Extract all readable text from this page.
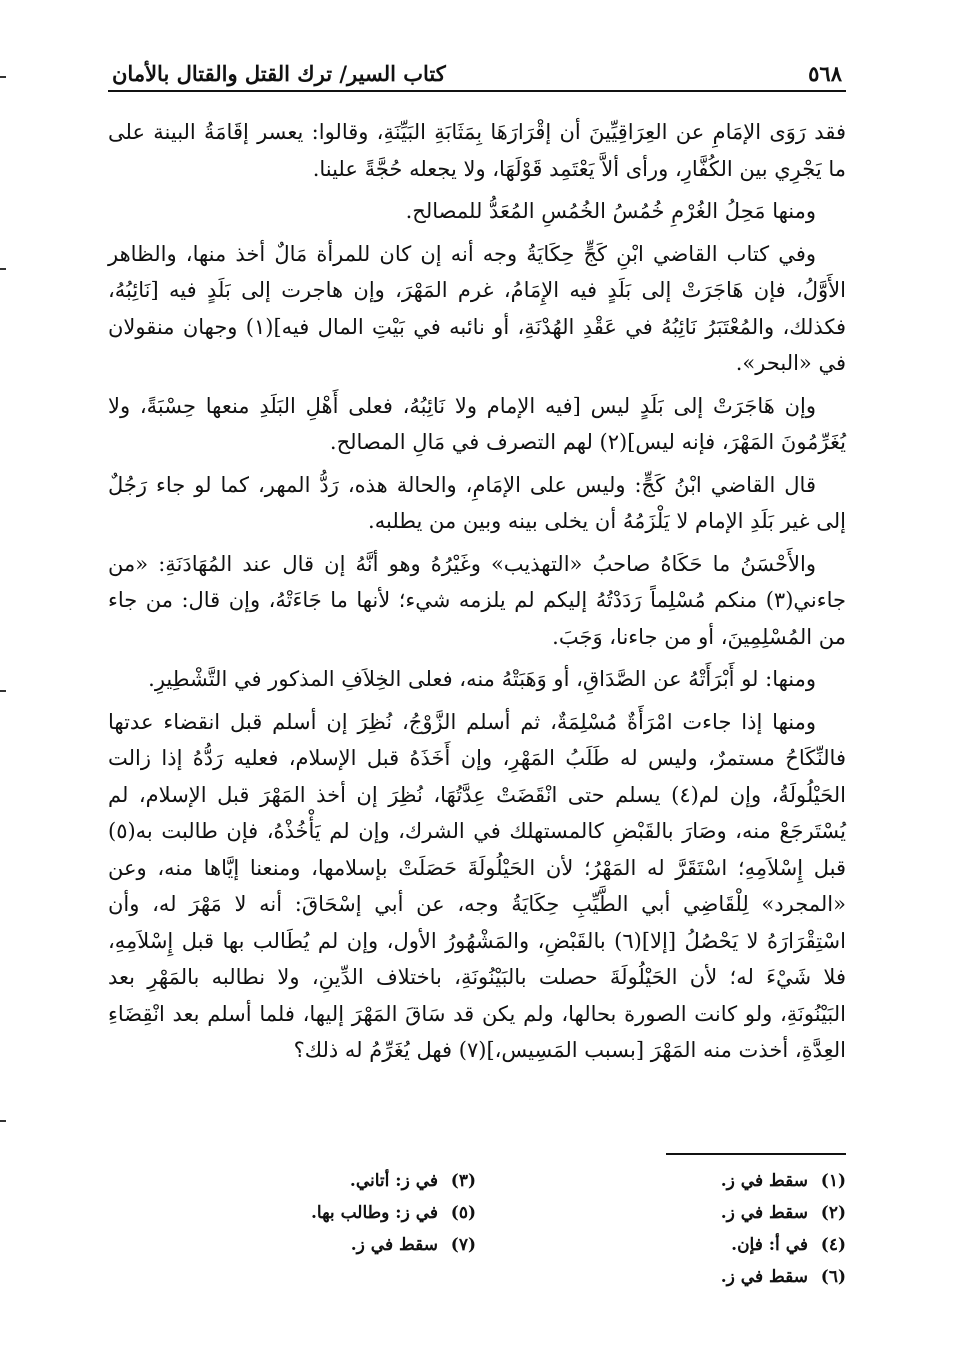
٥٦٨
كتاب السير/ ترك القتل والقتال بالأمان

فقد رَوَى الإمَامِ عن العِرَاقِيِّينَ أن إقْرَارَهَا بِمَثَابَةِ البَيِّنَةِ، وقالوا: يعسر إقَامَةُ البينة على ما يَجْرِي بين الكُفَّارِ، ورأى ألاَّ يَعْتَمِد قَوْلَهَا، ولا يجعله حُجَّةً علينا.

ومنها مَحِلُ الغُرْمِ خُمُسُ الخُمُسِ المُعَدُّ للمصالح.

وفي كتاب القاضي ابْنِ كَجٍّ حِكَايَةُ وجه أنه إن كان للمرأة مَالٌ أخذ منها، والظاهر الأَوَّلُ، فإن هَاجَرَتْ إلى بَلَدٍ فيه الإِمَامُ، غرم المَهْرَ، وإن هاجرت إلى بَلَدٍ فيه [نَائِبُهُ، فكذلك، والمُعْتَبَرُ نَائِبُهُ في عَقْدِ الهُدْنَةِ، أو نائبه في بَيْتِ المال فيه](١) وجهان منقولان في «البحر».

وإن هَاجَرَتْ إلى بَلَدٍ ليس [فيه الإمام ولا نَائِبُهُ، فعلى أَهْلِ البَلَدِ منعها حِسْبَةً، ولا يُغَرِّمُونَ المَهْرَ، فإنه ليس](٢) لهم التصرف في مَالِ المصالح.

قال القاضي ابْنُ كَجٍّ: وليس على الإمَامِ، والحالة هذه، رَدُّ المهر، كما لو جاء رَجُلٌ إلى غير بَلَدِ الإمام لا يَلْزَمُهُ أن يخلى بينه وبين من يطلبه.

والأَحْسَنُ ما حَكَاهُ صاحبُ «التهذيب» وغَيْرُهُ وهو أنَّهُ إن قال عند المُهَادَنَةِ: «من جاءني(٣) منكم مُسْلِماً رَدَدْتُهُ إليكم لم يلزمه شيء؛ لأنها ما جَاءَتْهُ، وإن قال: من جاء من المُسْلِمِينَ، أو من جاءنا، وَجَبَ.

ومنها: لو أَبْرَأَتْهُ عن الصَّدَاقِ، أو وَهَبَتْهُ منه، فعلى الخِلاَفِ المذكور في التَّشْطِيرِ.

ومنها إذا جاءت امْرَأَةٌ مُسْلِمَةٌ، ثم أسلم الزَّوْجُ، نُظِرَ إن أسلم قبل انقضاء عدتها فالنِّكَاحُ مستمرٌ، وليس له طَلَبُ المَهْرِ، وإن أَخَذَهُ قبل الإسلام، فعليه رَدُّهُ إذا زالت الحَيْلُولَةُ، وإن لم(٤) يسلم حتى انْقَضَتْ عِدَّتُهَا، نُظِرَ إن أخذ المَهْرَ قبل الإسلام، لم يُسْتَرجَعْ منه، وصَارَ بالقَبْضِ كالمستهلك في الشرك، وإن لم يَأْخُذْهُ، فإن طالبت به(٥) قبل إِسْلاَمِهِ؛ اسْتَقَرَّ له المَهْرُ؛ لأن الحَيْلُولَةَ حَصَلَتْ بإسلامها، ومنعنا إيَّاها منه، وعن «المجرد» لِلْقَاضِي أبي الطَّيِّبِ حِكَايَةُ وجه، عن أبي إسْحَاقَ: أنه لا مَهْرَ له، وأن اسْتِقْرَارَهُ لا يَحْصُلُ [إلا](٦) بالقَبْضِ، والمَشْهُورُ الأول، وإن لم يُطَالب بها قبل إِسْلاَمِهِ، فلا شَيْءَ له؛ لأن الحَيْلُولَةَ حصلت بالبَيْنُونَةِ، باختلاف الدِّينِ، ولا نطالبه بالمَهْرِ بعد البَيْنُونَةِ، ولو كانت الصورة بحالها، ولم يكن قد سَاقَ المَهْرَ إليها، فلما أسلم بعد انْقِضَاءِ العِدَّةِ، أخذت منه المَهْرَ [بسبب المَسِيس،](٧) فهل يُغَرِّمُ له ذلك؟

(١)سقط في ز.
(٣)في ز: أتاني.
(٢)سقط في ز.
(٥)في ز: وطالب بها.
(٤)في أ: فإن.
(٧)سقط في ز.
(٦)سقط في ز.
